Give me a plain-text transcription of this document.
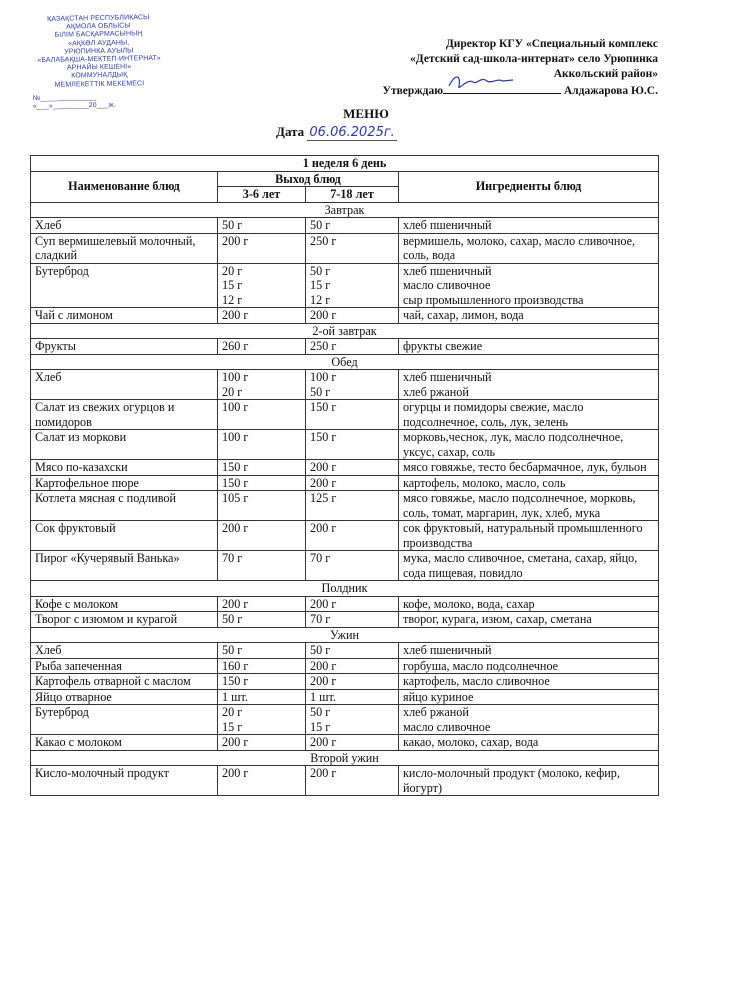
ҚАЗАҚСТАН РЕСПУБЛИКАСЫ
АҚМОЛА ОБЛЫСЫ
БІЛІМ БАСҚАРМАСЫНЫҢ
«АҚКӨЛ АУДАНЫ,
УРЮПИНКА АУЫЛЫ
«БАЛАБАҚША-МЕКТЕП-ИНТЕРНАТ»
АРНАЙЫ КЕШЕНІ»
КОММУНАЛДЫҚ
МЕМЛЕКЕТТІК МЕКЕМЕСІ
№______________
«___»_________20___ж.
Директор КГУ «Специальный комплекс
«Детский сад-школа-интернат» село Урюпинка
Аккольский район»
Утверждаю	Алдажарова Ю.С.
МЕНЮ
Дата 06.06.2025г.
1 неделя 6 день			
Наименование блюд	Выход блюд		Ингредиенты блюд
	3-6 лет	7-18 лет	
Завтрак			
Хлеб	50 г	50 г	хлеб пшеничный

Суп вермишелевый молочный, сладкий	200 г	250 г	вермишель, молоко, сахар, масло сливочное, соль, вода

Бутерброд	20 г
15 г
12 г	50 г
15 г
12 г	хлеб пшеничный
масло сливочное
сыр промышленного производства

Чай с лимоном	200 г	200 г	чай, сахар, лимон, вода

2-ой завтрак			
Фрукты	260 г	250 г	фрукты свежие

Обед			
Хлеб	100 г
20 г	100 г
50 г	хлеб пшеничный
хлеб ржаной

Салат из свежих огурцов и помидоров	100 г	150 г	огурцы и помидоры свежие, масло подсолнечное, соль, лук, зелень

Салат из моркови	100 г	150 г	морковь,чеснок, лук, масло подсолнечное, уксус, сахар, соль

Мясо по-казахски	150 г	200 г	мясо говяжье, тесто бесбармачное, лук, бульон

Картофельное пюре	150 г	200 г	картофель, молоко, масло, соль

Котлета мясная с подливой	105 г	125 г	мясо говяжье, масло подсолнечное, морковь, соль, томат, маргарин, лук, хлеб, мука

Сок фруктовый	200 г	200 г	сок фруктовый, натуральный промышленного производства

Пирог «Кучерявый Ванька»	70 г	70 г	мука, масло сливочное, сметана, сахар, яйцо, сода пищевая, повидло

Полдник			
Кофе с молоком	200 г	200 г	кофе, молоко, вода, сахар

Творог с изюмом и курагой	50 г	70 г	творог, курага, изюм, сахар, сметана

Ужин			
Хлеб	50 г	50 г	хлеб пшеничный

Рыба запеченная	160 г	200 г	горбуша, масло подсолнечное

Картофель отварной с маслом	150 г	200 г	картофель, масло сливочное

Яйцо отварное	1 шт.	1 шт.	яйцо куриное

Бутерброд	20 г
15 г	50 г
15 г	хлеб ржаной
масло сливочное

Какао с молоком	200 г	200 г	какао, молоко, сахар, вода

Второй ужин			
Кисло-молочный продукт	200 г	200 г	кисло-молочный продукт (молоко, кефир, йогурт)
